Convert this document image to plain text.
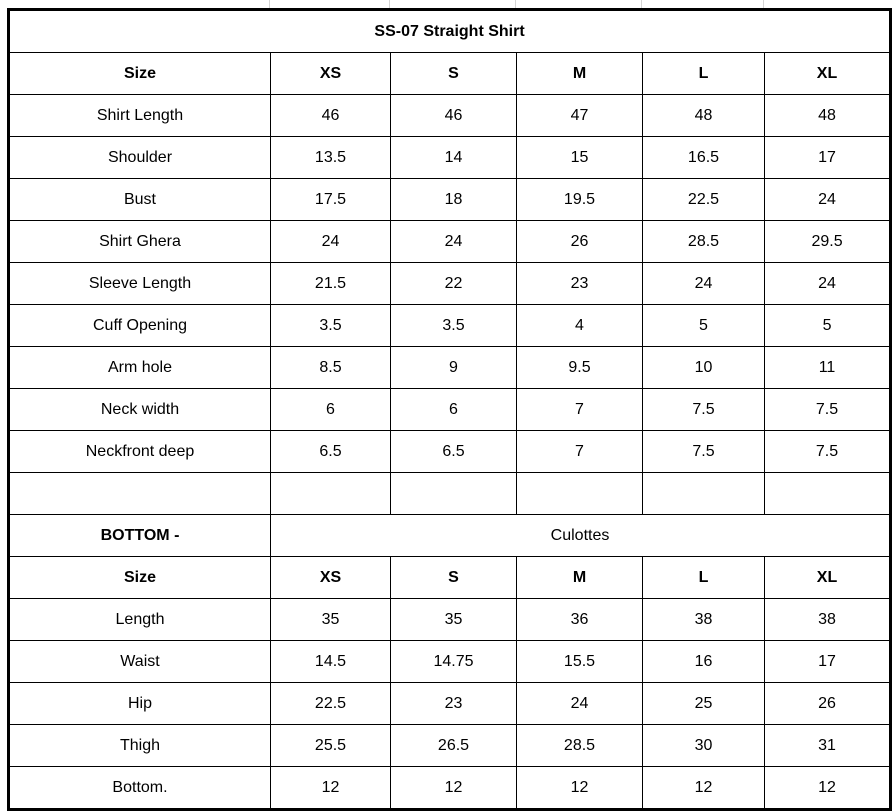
SS-07 Straight Shirt					
Size	XS	S	M	L	XL
Shirt Length	46	46	47	48	48
Shoulder	13.5	14	15	16.5	17
Bust	17.5	18	19.5	22.5	24
Shirt Ghera	24	24	26	28.5	29.5
Sleeve Length	21.5	22	23	24	24
Cuff Opening	3.5	3.5	4	5	5
Arm hole	8.5	9	9.5	10	11
Neck width	6	6	7	7.5	7.5
Neckfront deep	6.5	6.5	7	7.5	7.5

BOTTOM -	Culottes				
Size	XS	S	M	L	XL
Length	35	35	36	38	38
Waist	14.5	14.75	15.5	16	17
Hip	22.5	23	24	25	26
Thigh	25.5	26.5	28.5	30	31
Bottom.	12	12	12	12	12
